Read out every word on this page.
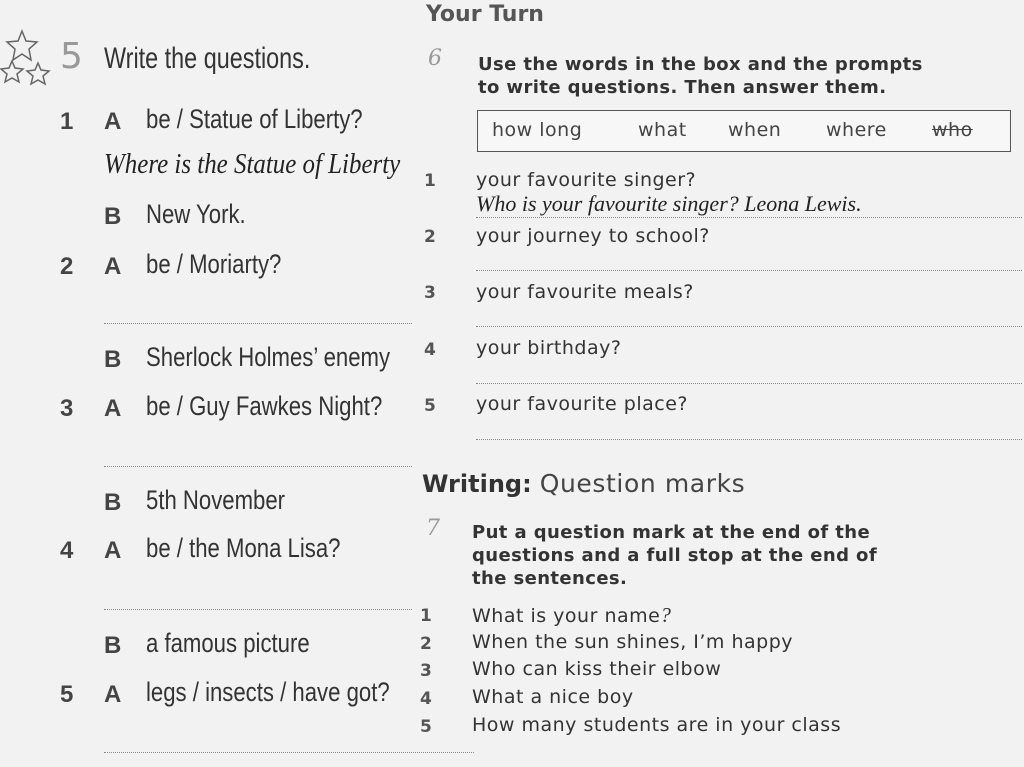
5 Write the questions.
1 A be / Statue of Liberty?
Where is the Statue of Liberty
B New York.
2 A be / Moriarty?
B Sherlock Holmes’ enemy
3 A be / Guy Fawkes Night?
B 5th November
4 A be / the Mona Lisa?
B a famous picture
5 A legs / insects / have got?
Your Turn
6 Use the words in the box and the prompts
to write questions. Then answer them.
how long	what when where who
1 your favourite singer?
Who is your favourite singer? Leona Lewis.
2 your journey to school?
3 your favourite meals?
4 your birthday?
5 your favourite place?
Writing: Question marks
7 Put a question mark at the end of the
questions and a full stop at the end of
the sentences.
1 What is your name?
2 When the sun shines, I’m happy
3 Who can kiss their elbow
4 What a nice boy
5 How many students are in your class
